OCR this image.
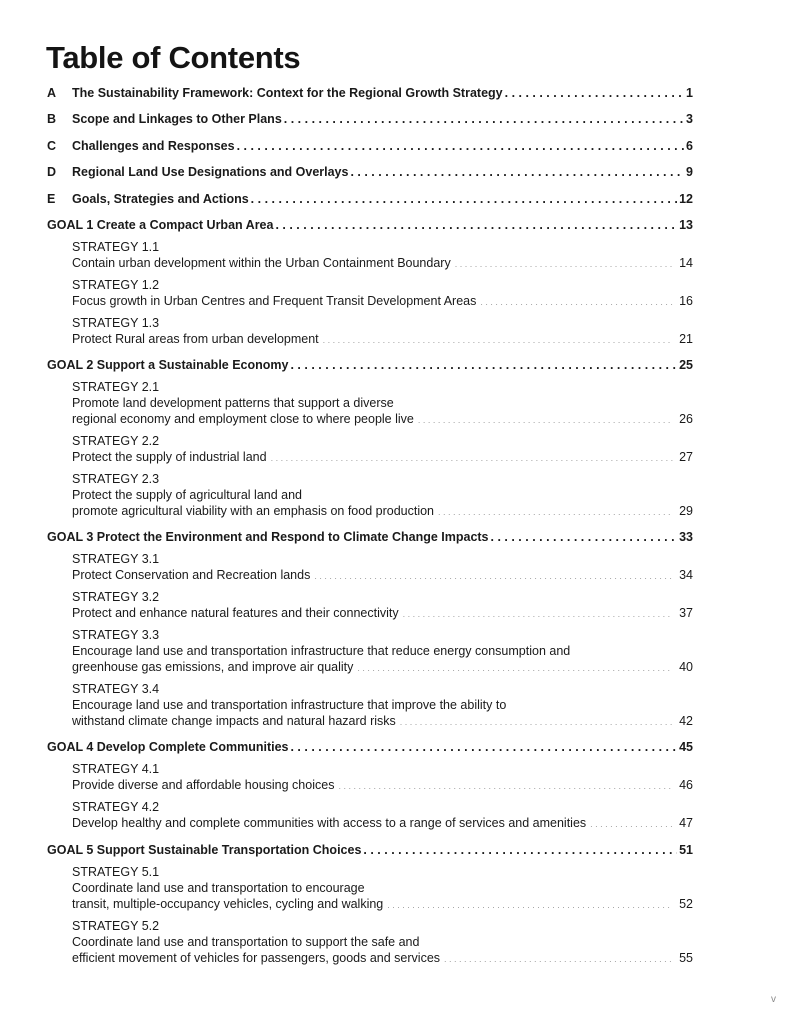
Table of Contents
A	The Sustainability Framework: Context for the Regional Growth Strategy . . .	1
B	Scope and Linkages to Other Plans . . .	3
C	Challenges and Responses . . .	6
D	Regional Land Use Designations and Overlays . . .	9
E	Goals, Strategies and Actions . . .	12
GOAL 1 Create a Compact Urban Area . . .	13
STRATEGY 1.1
Contain urban development within the Urban Containment Boundary . . .	14
STRATEGY 1.2
Focus growth in Urban Centres and Frequent Transit Development Areas . . .	16
STRATEGY 1.3
Protect Rural areas from urban development . . .	21
GOAL 2 Support a Sustainable Economy . . .	25
STRATEGY 2.1
Promote land development patterns that support a diverse
regional economy and employment close to where people live . . .	26
STRATEGY 2.2
Protect the supply of industrial land . . .	27
STRATEGY 2.3
Protect the supply of agricultural land and
promote agricultural viability with an emphasis on food production . . .	29
GOAL 3 Protect the Environment and Respond to Climate Change Impacts . . .	33
STRATEGY 3.1
Protect Conservation and Recreation lands . . .	34
STRATEGY 3.2
Protect and enhance natural features and their connectivity . . .	37
STRATEGY 3.3
Encourage land use and transportation infrastructure that reduce energy consumption and
greenhouse gas emissions, and improve air quality . . .	40
STRATEGY 3.4
Encourage land use and transportation infrastructure that improve the ability to
withstand climate change impacts and natural hazard risks . . .	42
GOAL 4 Develop Complete Communities . . .	45
STRATEGY 4.1
Provide diverse and affordable housing choices . . .	46
STRATEGY 4.2
Develop healthy and complete communities with access to a range of services and amenities . . .	47
GOAL 5 Support Sustainable Transportation Choices . . .	51
STRATEGY 5.1
Coordinate land use and transportation to encourage
transit, multiple-occupancy vehicles, cycling and walking . . .	52
STRATEGY 5.2
Coordinate land use and transportation to support the safe and
efficient movement of vehicles for passengers, goods and services . . .	55
v
